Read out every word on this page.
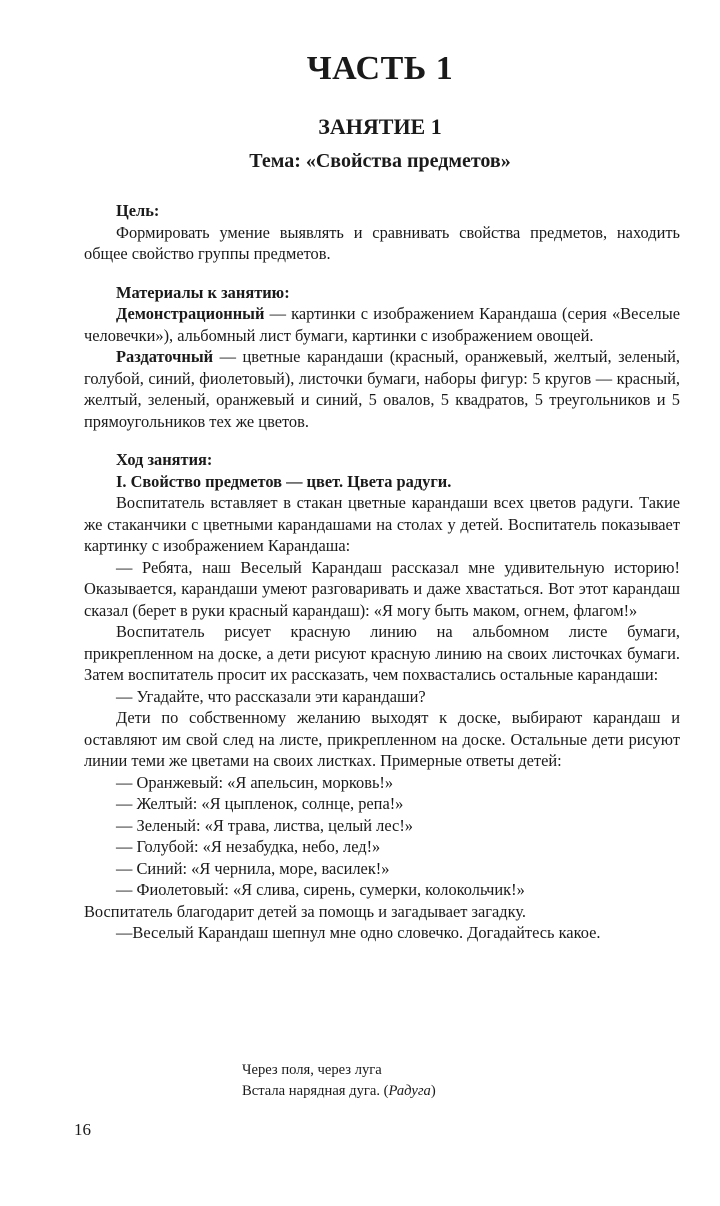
ЧАСТЬ 1
ЗАНЯТИЕ 1
Тема: «Свойства предметов»

Цель:

Формировать умение выявлять и сравнивать свойства предметов, находить общее свойство группы предметов.

Материалы к занятию:

Демонстрационный — картинки с изображением Карандаша (серия «Веселые человечки»), альбомный лист бумаги, картинки с изображением овощей.

Раздаточный — цветные карандаши (красный, оранжевый, желтый, зеленый, голубой, синий, фиолетовый), листочки бумаги, наборы фигур: 5 кругов — красный, желтый, зеленый, оранжевый и синий, 5 овалов, 5 квадратов, 5 треугольников и 5 прямоугольников тех же цветов.

Ход занятия:

I. Свойство предметов — цвет. Цвета радуги.

Воспитатель вставляет в стакан цветные карандаши всех цветов радуги. Такие же стаканчики с цветными карандашами на столах у детей. Воспитатель показывает картинку с изображением Карандаша:

— Ребята, наш Веселый Карандаш рассказал мне удивительную историю! Оказывается, карандаши умеют разговаривать и даже хвастаться. Вот этот карандаш сказал (берет в руки красный карандаш): «Я могу быть маком, огнем, флагом!»

Воспитатель рисует красную линию на альбомном листе бумаги, прикрепленном на доске, а дети рисуют красную линию на своих листочках бумаги. Затем воспитатель просит их рассказать, чем похвастались остальные карандаши:

— Угадайте, что рассказали эти карандаши?

Дети по собственному желанию выходят к доске, выбирают карандаш и оставляют им свой след на листе, прикрепленном на доске. Остальные дети рисуют линии теми же цветами на своих листках. Примерные ответы детей:

— Оранжевый: «Я апельсин, морковь!»

— Желтый: «Я цыпленок, солнце, репа!»

— Зеленый: «Я трава, листва, целый лес!»

— Голубой: «Я незабудка, небо, лед!»

— Синий: «Я чернила, море, василек!»

— Фиолетовый: «Я слива, сирень, сумерки, колокольчик!»

Воспитатель благодарит детей за помощь и загадывает загадку.

—Веселый Карандаш шепнул мне одно словечко. Догадайтесь какое.

Через поля, через луга
Встала нарядная дуга. (Радуга)
16
